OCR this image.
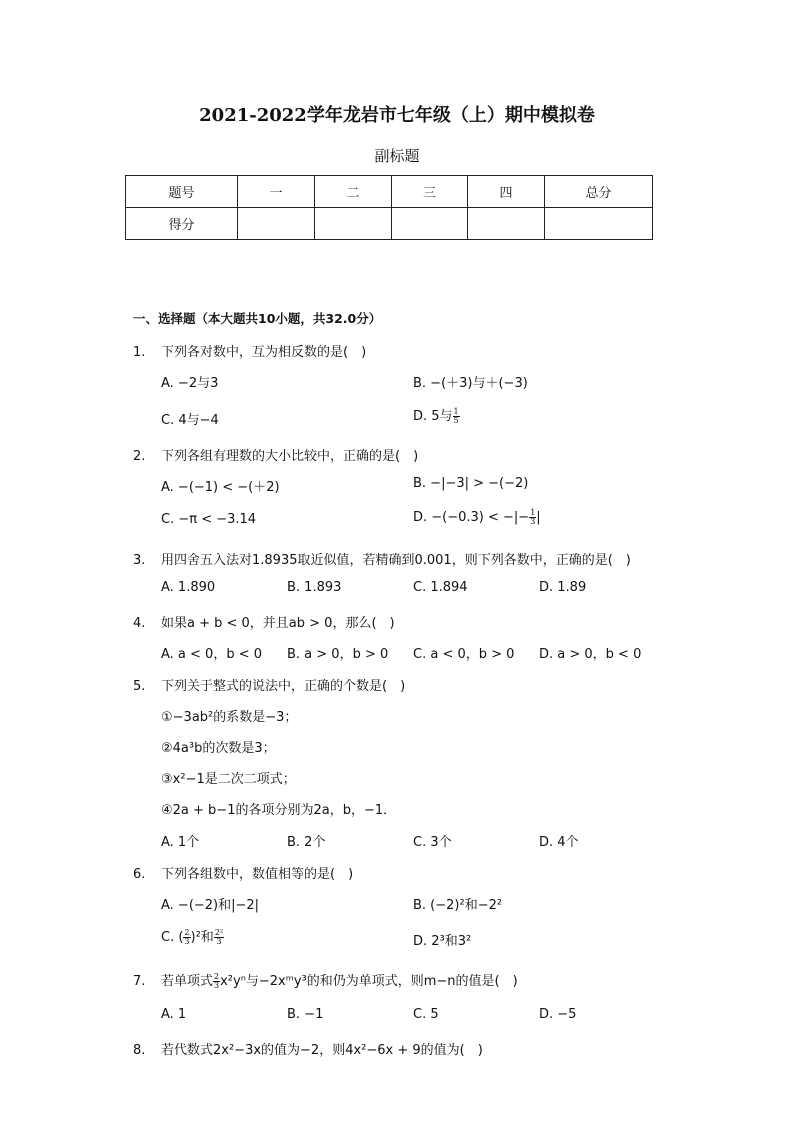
2021-2022学年龙岩市七年级（上）期中模拟卷
副标题
题号	一	二	三	四	总分
得分					
一、选择题（本大题共10小题，共32.0分）
1. 下列各对数中，互为相反数的是(　)
A. −2与3	B. −(＋3)与＋(−3)
C. 4与−4	D. 5与 $\frac{1}{5}$
2. 下列各组有理数的大小比较中，正确的是(　)
A. −(−1) < −(＋2)	B. −|−3| > −(−2)
C. −π < −3.14	D. −(−0.3) < −|− $\frac{1}{3}$ |
3. 用四舍五入法对1.8935取近似值，若精确到0.001，则下列各数中，正确的是(　)
A. 1.890	B. 1.893	C. 1.894	D. 1.89
4. 如果a + b < 0，并且ab > 0，那么(　)
A. a < 0，b < 0 B. a > 0，b > 0 C. a < 0，b > 0 D. a > 0，b < 0
5. 下列关于整式的说法中，正确的个数是(　)
①−3ab²的系数是−3；
②4a³b的次数是3；
③x²−1是二次二项式；
④2a + b−1的各项分别为2a，b，−1．
A. 1个	B. 2个	C. 3个	D. 4个
6. 下列各组数中，数值相等的是(　)
A. −(−2)和|−2|	B. (−2)²和−2²
C. ( $\frac{2}{3} )^2$和 $\frac{\text{2²}}{3}$	D. 2³和3²
7. 若单项式 $\frac{2}{3} x^2y^n$与−2xᵐy³的和仍为单项式，则m−n的值是(　)
A. 1	B. −1	C. 5	D. −5
8. 若代数式2x²−3x的值为−2，则4x²−6x + 9的值为(　)
